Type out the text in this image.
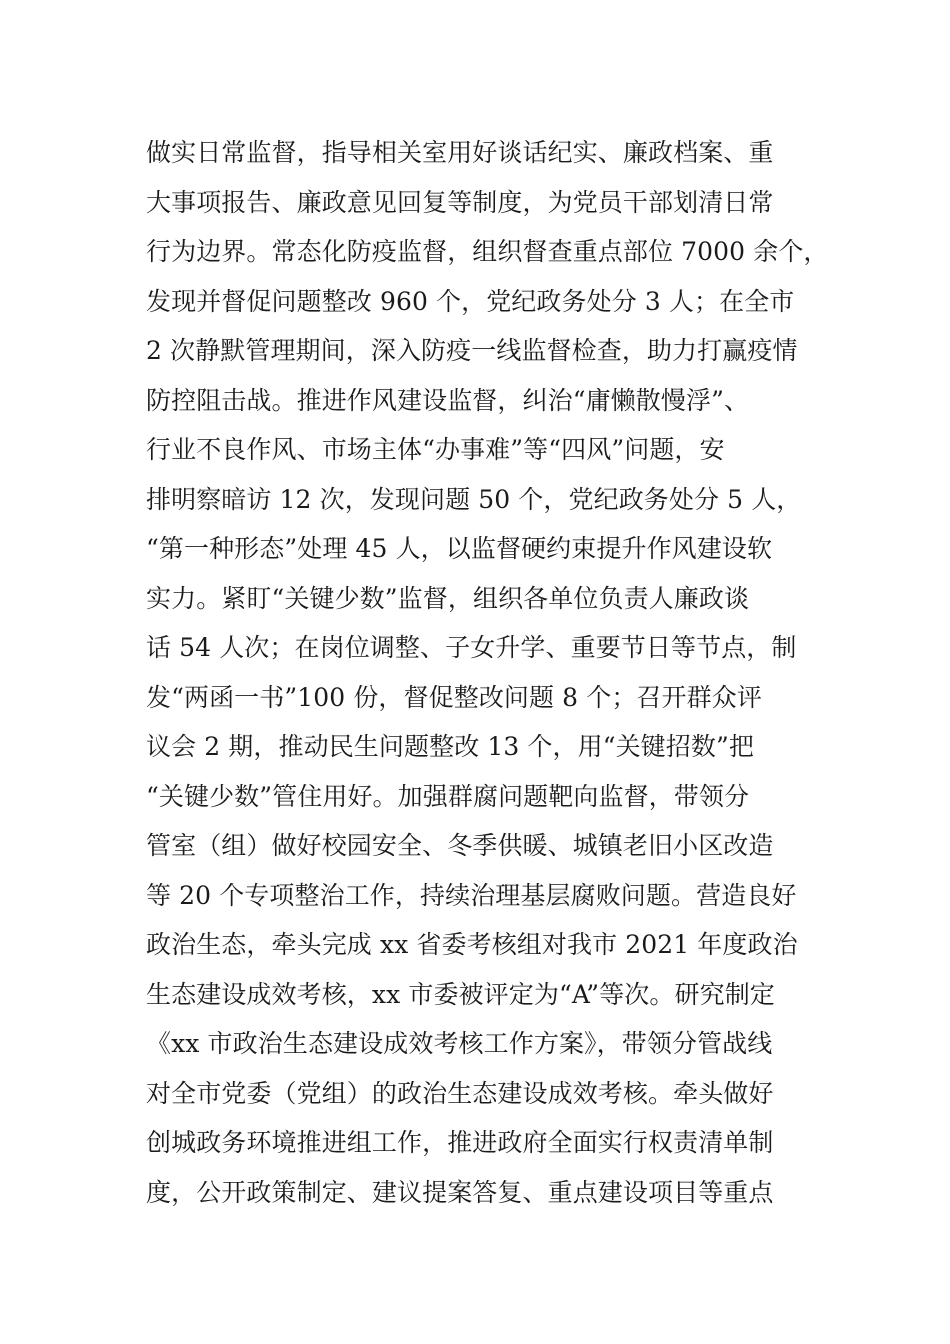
做实日常监督，指导相关室用好谈话纪实、廉政档案、重
大事项报告、廉政意见回复等制度，为党员干部划清日常
行为边界。常态化防疫监督，组织督查重点部位 7000 余个，
发现并督促问题整改 960 个，党纪政务处分 3 人；在全市
2 次静默管理期间，深入防疫一线监督检查，助力打赢疫情
防控阻击战。推进作风建设监督，纠治“庸懒散慢浮”、
行业不良作风、市场主体“办事难”等“四风”问题，安
排明察暗访 12 次，发现问题 50 个，党纪政务处分 5 人，
“第一种形态”处理 45 人，以监督硬约束提升作风建设软
实力。紧盯“关键少数”监督，组织各单位负责人廉政谈
话 54 人次；在岗位调整、子女升学、重要节日等节点，制
发“两函一书”100 份，督促整改问题 8 个；召开群众评
议会 2 期，推动民生问题整改 13 个，用“关键招数”把
“关键少数”管住用好。加强群腐问题靶向监督，带领分
管室（组）做好校园安全、冬季供暖、城镇老旧小区改造
等 20 个专项整治工作，持续治理基层腐败问题。营造良好
政治生态，牵头完成 xx 省委考核组对我市 2021 年度政治
生态建设成效考核，xx 市委被评定为“A”等次。研究制定
《xx 市政治生态建设成效考核工作方案》，带领分管战线
对全市党委（党组）的政治生态建设成效考核。牵头做好
创城政务环境推进组工作，推进政府全面实行权责清单制
度，公开政策制定、建议提案答复、重点建设项目等重点
